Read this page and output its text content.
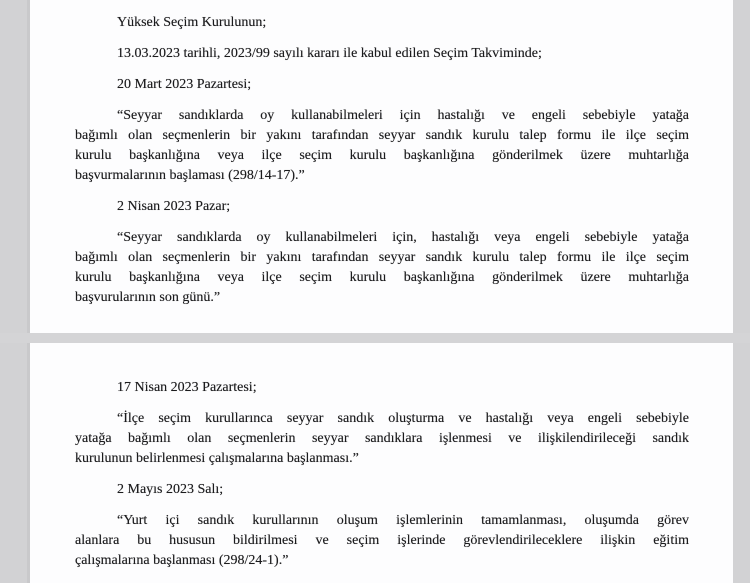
Yüksek Seçim Kurulunun;
13.03.2023 tarihli, 2023/99 sayılı kararı ile kabul edilen Seçim Takviminde;
20 Mart 2023 Pazartesi;
“Seyyar sandıklarda oy kullanabilmeleri için hastalığı ve engeli sebebiyle yatağa
bağımlı olan seçmenlerin bir yakını tarafından seyyar sandık kurulu talep formu ile ilçe seçim
kurulu başkanlığına veya ilçe seçim kurulu başkanlığına gönderilmek üzere muhtarlığa
başvurmalarının başlaması (298/14-17).”
2 Nisan 2023 Pazar;
“Seyyar sandıklarda oy kullanabilmeleri için, hastalığı veya engeli sebebiyle yatağa
bağımlı olan seçmenlerin bir yakını tarafından seyyar sandık kurulu talep formu ile ilçe seçim
kurulu başkanlığına veya ilçe seçim kurulu başkanlığına gönderilmek üzere muhtarlığa
başvurularının son günü.”
17 Nisan 2023 Pazartesi;
“İlçe seçim kurullarınca seyyar sandık oluşturma ve hastalığı veya engeli sebebiyle
yatağa bağımlı olan seçmenlerin seyyar sandıklara işlenmesi ve ilişkilendirileceği sandık
kurulunun belirlenmesi çalışmalarına başlanması.”
2 Mayıs 2023 Salı;
“Yurt içi sandık kurullarının oluşum işlemlerinin tamamlanması, oluşumda görev
alanlara bu hususun bildirilmesi ve seçim işlerinde görevlendirileceklere ilişkin eğitim
çalışmalarına başlanması (298/24-1).”
